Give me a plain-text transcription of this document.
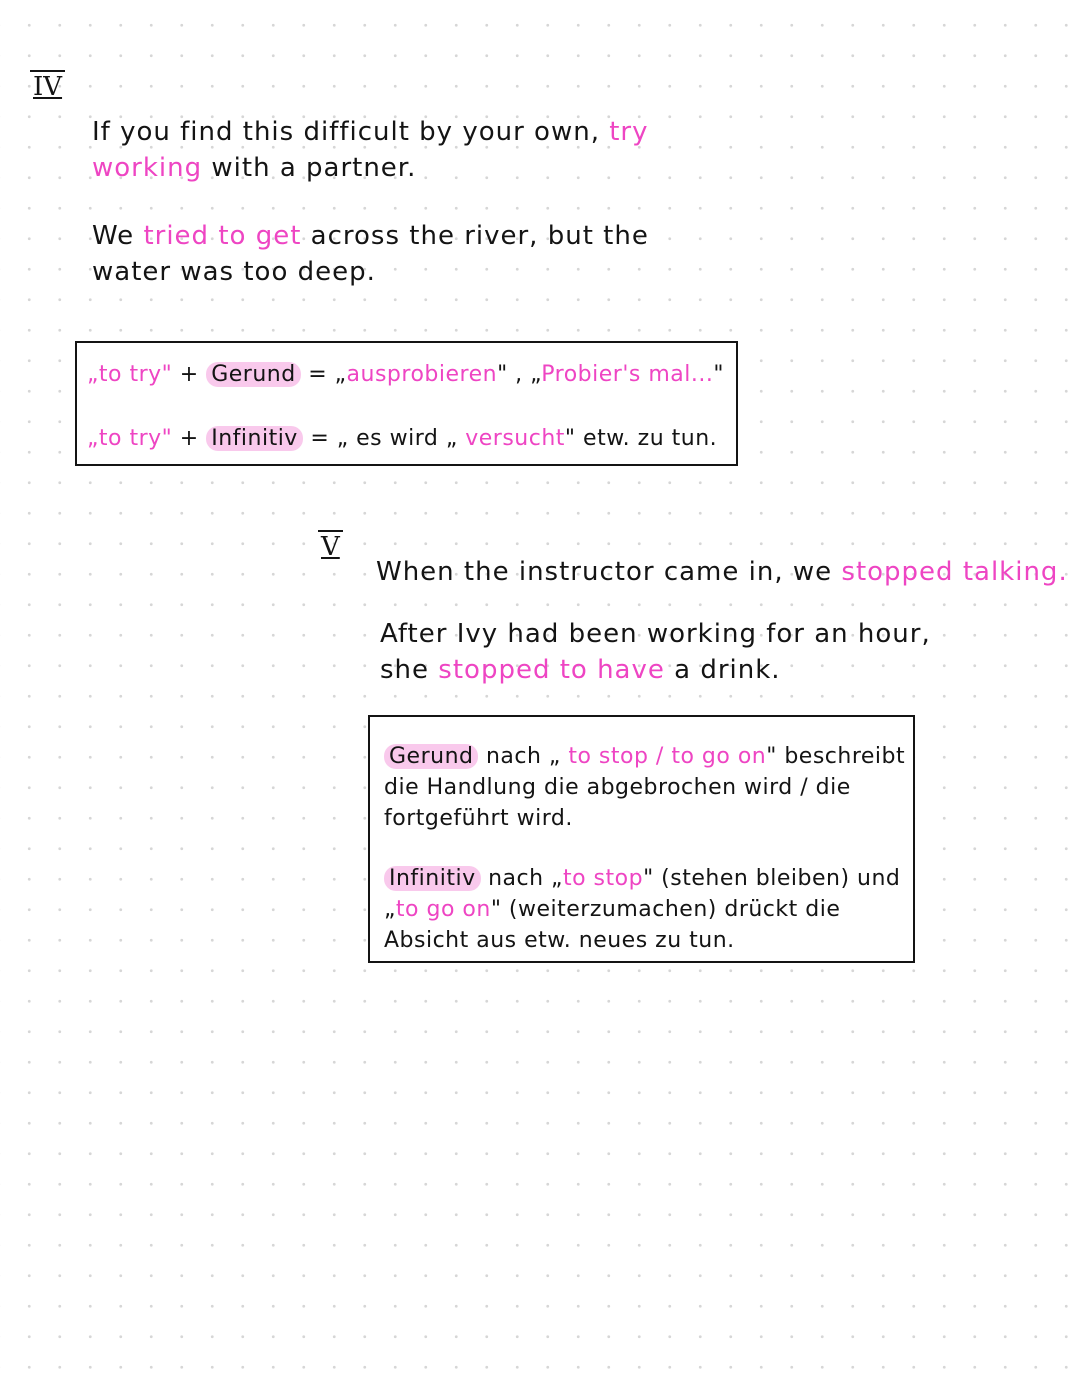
IV
If you find this difficult by your own, try
working with a partner.
We tried to get across the river, but the
water was too deep.
„to try" + Gerund = „ausprobieren" , „Probier's mal..."
„to try" + Infinitiv = „ es wird „ versucht" etw. zu tun.
V
When the instructor came in, we stopped talking.
After Ivy had been working for an hour,
she stopped to have a drink.
Gerund nach „ to stop / to go on" beschreibt
die Handlung die abgebrochen wird / die
fortgeführt wird.
Infinitiv nach „to stop" (stehen bleiben) und
„to go on" (weiterzumachen) drückt die
Absicht aus etw. neues zu tun.
